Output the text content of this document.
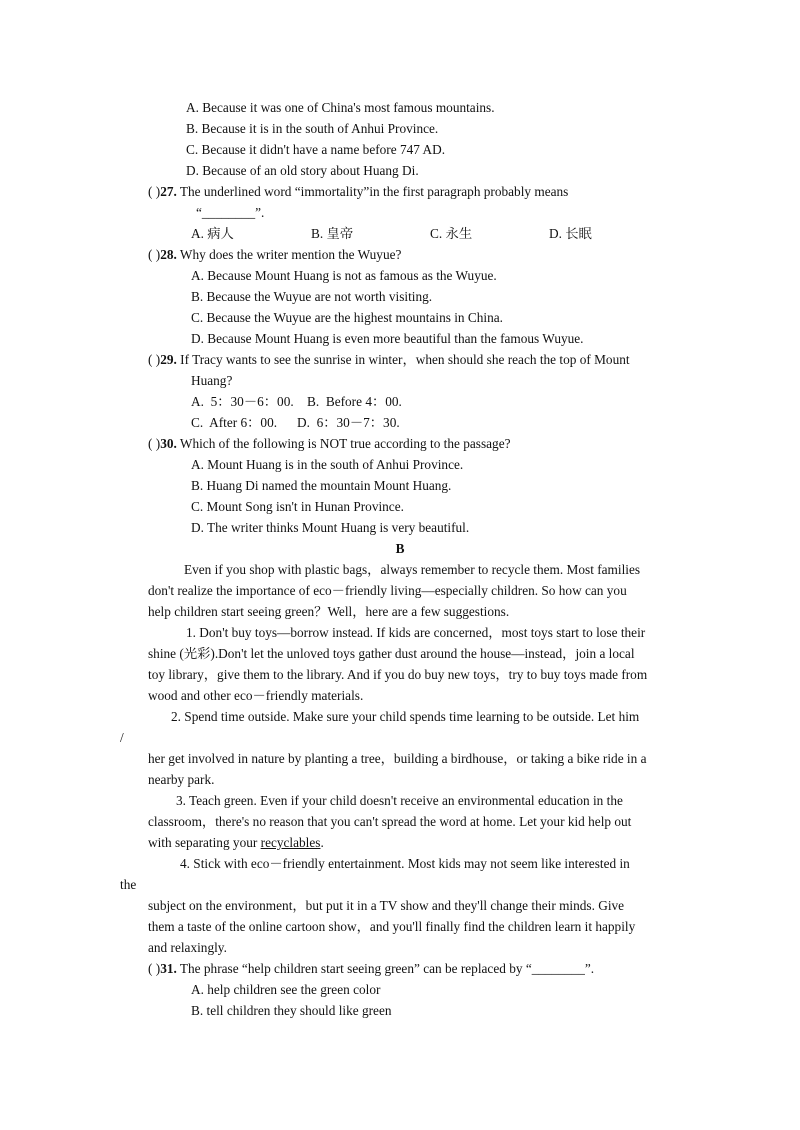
A. Because it was one of China's most famous mountains.
B. Because it is in the south of Anhui Province.
C. Because it didn't have a name before 747 AD.
D. Because of an old story about Huang Di.
( )27. The underlined word “immortality”in the first paragraph probably means
“________”.
A. 病人	B. 皇帝	C. 永生	D. 长眠
( )28. Why does the writer mention the Wuyue?
A. Because Mount Huang is not as famous as the Wuyue.
B. Because the Wuyue are not worth visiting.
C. Because the Wuyue are the highest mountains in China.
D. Because Mount Huang is even more beautiful than the famous Wuyue.
( )29. If Tracy wants to see the sunrise in winter，when should she reach the top of Mount
Huang?
A.  5：30－6：00.    B.  Before 4：00.
C.  After 6：00.      D.  6：30－7：30.
( )30. Which of the following is NOT true according to the passage?
A. Mount Huang is in the south of Anhui Province.
B. Huang Di named the mountain Mount Huang.
C. Mount Song isn't in Hunan Province.
D. The writer thinks Mount Huang is very beautiful.
B
Even if you shop with plastic bags，always remember to recycle them. Most families
don't realize the importance of eco－friendly living—especially children. So how can you
help children start seeing green？Well，here are a few suggestions.
1. Don't buy toys—borrow instead. If kids are concerned，most toys start to lose their
shine (光彩).Don't let the unloved toys gather dust around the house—instead，join a local
toy library，give them to the library. And if you do buy new toys，try to buy toys made from
wood and other eco－friendly materials.
2. Spend time outside. Make sure your child spends time learning to be outside. Let him
/
her get involved in nature by planting a tree，building a birdhouse，or taking a bike ride in a
nearby park.
3. Teach green. Even if your child doesn't receive an environmental education in the
classroom，there's no reason that you can't spread the word at home. Let your kid help out
with separating your recyclables.
4. Stick with eco－friendly entertainment. Most kids may not seem like interested in
the
subject on the environment，but put it in a TV show and they'll change their minds. Give
them a taste of the online cartoon show，and you'll finally find the children learn it happily
and relaxingly.
( )31. The phrase “help children start seeing green” can be replaced by “________”.
A. help children see the green color
B. tell children they should like green
